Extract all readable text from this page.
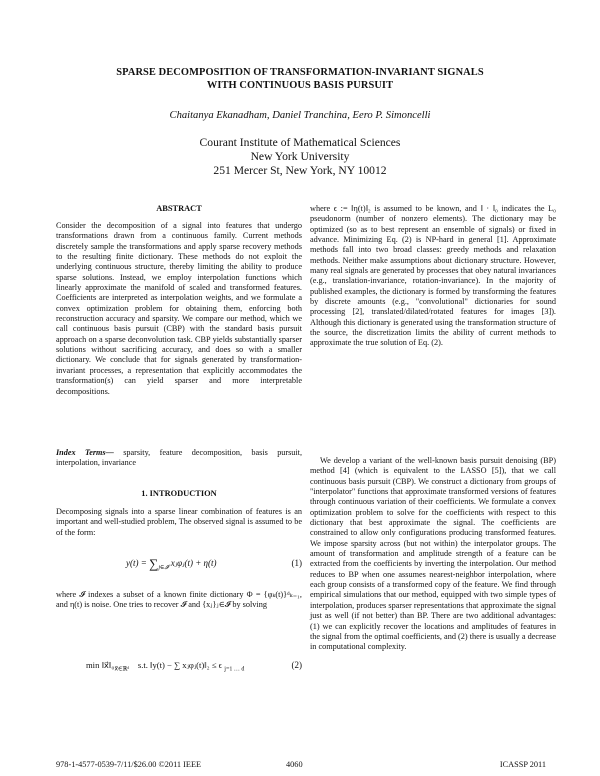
SPARSE DECOMPOSITION OF TRANSFORMATION-INVARIANT SIGNALS
WITH CONTINUOUS BASIS PURSUIT
Chaitanya Ekanadham, Daniel Tranchina, Eero P. Simoncelli
Courant Institute of Mathematical Sciences
New York University
251 Mercer St, New York, NY 10012
ABSTRACT

Consider the decomposition of a signal into features that undergo transformations drawn from a continuous family. Current methods discretely sample the transformations and apply sparse recovery methods to the resulting finite dictionary. These methods do not exploit the underlying continuous structure, thereby limiting the ability to produce sparse solutions. Instead, we employ interpolation functions which linearly approximate the manifold of scaled and transformed features. Coefficients are interpreted as interpolation weights, and we formulate a convex optimization problem for obtaining them, enforcing both reconstruction accuracy and sparsity. We compare our method, which we call continuous basis pursuit (CBP) with the standard basis pursuit approach on a sparse deconvolution task. CBP yields substantially sparser solutions without sacrificing accuracy, and does so with a smaller dictionary. We conclude that for signals generated by transformation-invariant processes, a representation that explicitly accommodates the transformation(s) can yield sparser and more interpretable decompositions.

Index Terms— sparsity, feature decomposition, basis pursuit, interpolation, invariance

1. INTRODUCTION

Decomposing signals into a sparse linear combination of features is an important and well-studied problem, The observed signal is assumed to be of the form:

$y(t) = \sum_{j\in 𝓘}$ xⱼφⱼ(t) + η(t)	(1)

where 𝓘 indexes a subset of a known finite dictionary Φ = {φₖ(t)}ᵈₖ₌₁, and η(t) is noise. One tries to recover 𝓘 and {xⱼ}ⱼ∈𝓘 by solving

$\min ‖x⃗‖_0_{x⃗\in ℝᵈ}$ s.t. ‖y(t) − ∑ xⱼφⱼ(t)‖₂ ≤ ϵ $_{j=1 \dots d}$	(2)

where ϵ := ‖η(t)‖₂ is assumed to be known, and ‖ · ‖₀ indicates the L₀ pseudonorm (number of nonzero elements). The dictionary may be optimized (so as to best represent an ensemble of signals) or fixed in advance. Minimizing Eq. (2) is NP-hard in general [1]. Approximate methods fall into two broad classes: greedy methods and relaxation methods. Neither make assumptions about dictionary structure. However, many real signals are generated by processes that obey natural invariances (e.g., translation-invariance, rotation-invariance). In the majority of published examples, the dictionary is formed by transforming the features by discrete amounts (e.g., "convolutional" dictionaries for sound processing [2], translated/dilated/rotated features for images [3]). Although this dictionary is generated using the transformation structure of the source, the discretization limits the ability of current methods to approximate the true solution of Eq. (2).

We develop a variant of the well-known basis pursuit denoising (BP) method [4] (which is equivalent to the LASSO [5]), that we call continuous basis pursuit (CBP). We construct a dictionary from groups of "interpolator" functions that approximate transformed versions of features through continuous variation of their coefficients. We formulate a convex optimization problem to solve for the coefficients with respect to this dictionary that best approximate the signal. The coefficients are constrained to allow only configurations producing transformed features. We impose sparsity across (but not within) the interpolator groups. The amount of transformation and amplitude strength of a feature can be extracted from the coefficients by inverting the interpolation. Our method reduces to BP when one assumes nearest-neighbor interpolation, where each group consists of a transformed copy of the feature. We find through empirical simulations that our method, equipped with two simple types of interpolation, produces sparser representations that approximate the signal just as well (if not better) than BP. There are two additional advantages: (1) we can explicitly recover the locations and amplitudes of features in the signal from the optimal coefficients, and (2) there is usually a decrease in computational complexity.

978-1-4577-0539-7/11/$26.00 ©2011 IEEE	4060	ICASSP 2011
